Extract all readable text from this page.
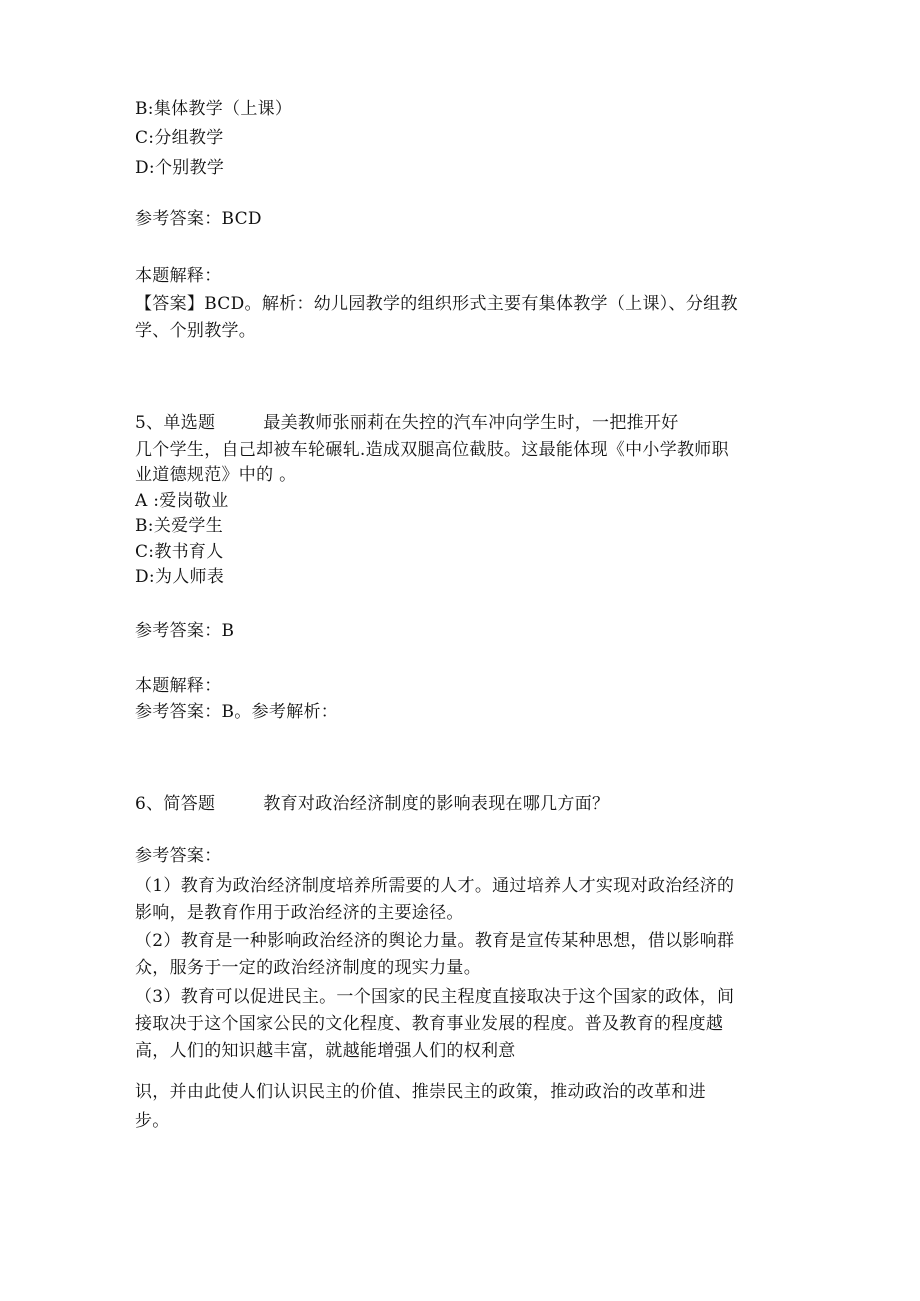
B:集体教学（上课）
C:分组教学
D:个别教学
参考答案：BCD
本题解释：
【答案】BCD。解析：幼儿园教学的组织形式主要有集体教学（上课）、分组教
学、个别教学。
5、单选题	最美教师张丽莉在失控的汽车冲向学生时，一把推开好
几个学生，自己却被车轮碾轧.造成双腿高位截肢。这最能体现《中小学教师职
业道德规范》中的 。
A :爱岗敬业
B:关爱学生
C:教书育人
D:为人师表
参考答案：B
本题解释：
参考答案：B。参考解析：
6、简答题	教育对政治经济制度的影响表现在哪几方面？
参考答案：
（1）教育为政治经济制度培养所需要的人才。通过培养人才实现对政治经济的
影响，是教育作用于政治经济的主要途径。
（2）教育是一种影响政治经济的舆论力量。教育是宣传某种思想，借以影响群
众，服务于一定的政治经济制度的现实力量。
（3）教育可以促进民主。一个国家的民主程度直接取决于这个国家的政体，间
接取决于这个国家公民的文化程度、教育事业发展的程度。普及教育的程度越
高，人们的知识越丰富，就越能增强人们的权利意
识，并由此使人们认识民主的价值、推崇民主的政策，推动政治的改革和进
步。
